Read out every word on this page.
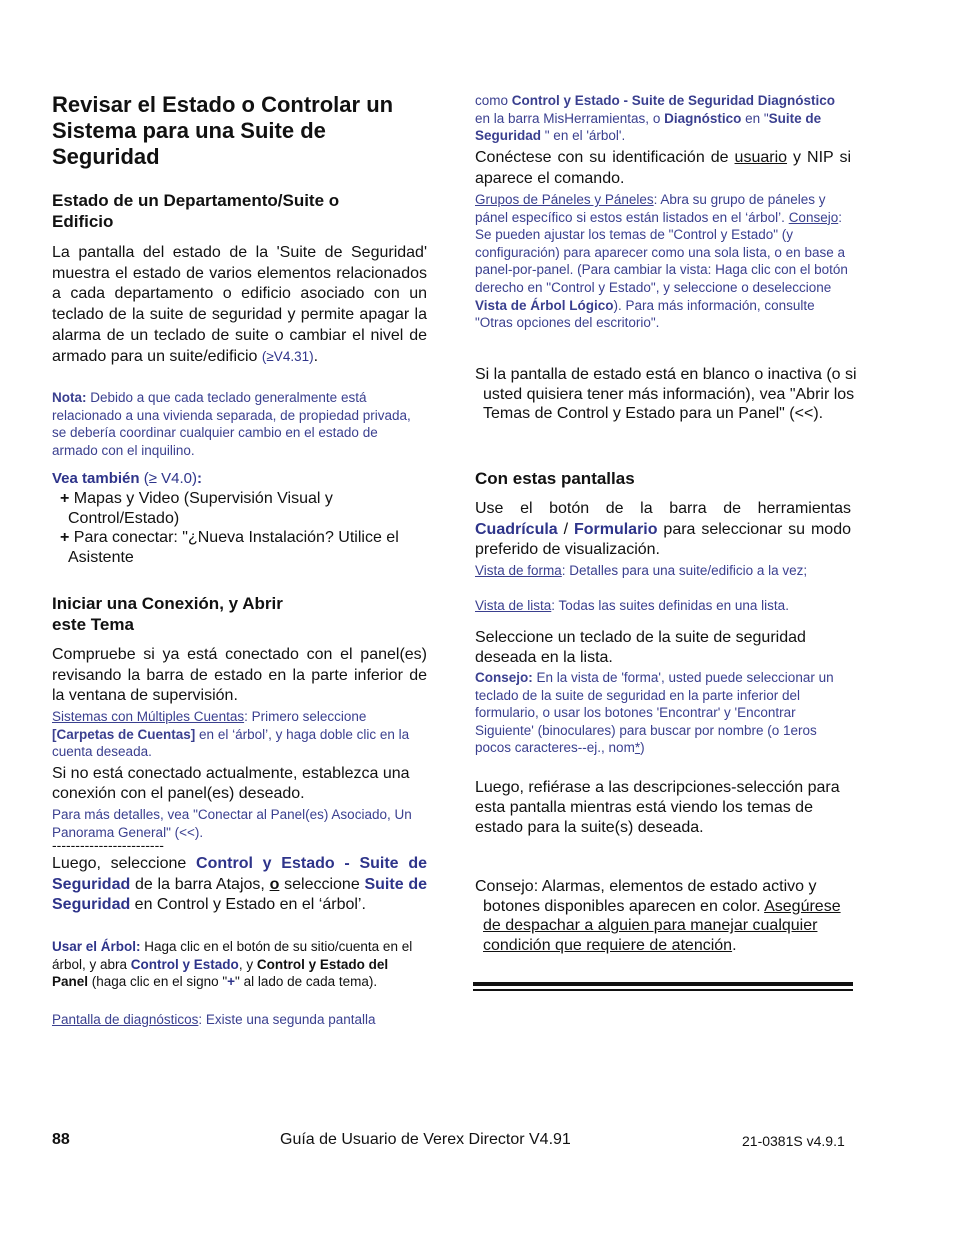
Revisar el Estado o Controlar un Sistema para una Suite de Seguridad
Estado de un Departamento/Suite o Edificio

La pantalla del estado de la 'Suite de Seguridad' muestra el estado de varios elementos relacionados a cada departamento o edificio asociado con un teclado de la suite de seguridad y permite apagar la alarma de un teclado de suite o cambiar el nivel de armado para un suite/edificio (≥V4.31).

Nota: Debido a que cada teclado generalmente está relacionado a una vivienda separada, de propiedad privada, se debería coordinar cualquier cambio en el estado de armado con el inquilino.

Vea también (≥ V4.0):

+ Mapas y Video (Supervisión Visual y Control/Estado)

+ Para conectar: "¿Nueva Instalación? Utilice el Asistente

Iniciar una Conexión, y Abrir
este Tema

Compruebe si ya está conectado con el panel(es) revisando la barra de estado en la parte inferior de la ventana de supervisión.

Sistemas con Múltiples Cuentas: Primero seleccione [Carpetas de Cuentas] en el ‘árbol’, y haga doble clic en la cuenta deseada.

Si no está conectado actualmente, establezca una conexión con el panel(es) deseado.

Para más detalles, vea "Conectar al Panel(es) Asociado, Un Panorama General" (<<).

------------------------

Luego, seleccione Control y Estado - Suite de Seguridad de la barra Atajos, o seleccione Suite de Seguridad en Control y Estado en el ‘árbol’.

Usar el Árbol: Haga clic en el botón de su sitio/cuenta en el árbol, y abra Control y Estado, y Control y Estado del Panel (haga clic en el signo "+" al lado de cada tema).

Pantalla de diagnósticos: Existe una segunda pantalla

como Control y Estado - Suite de Seguridad Diagnóstico en la barra MisHerramientas, o Diagnóstico en "Suite de Seguridad " en el 'árbol'.

Conéctese con su identificación de usuario y NIP si aparece el comando.

Grupos de Páneles y Páneles: Abra su grupo de páneles y pánel específico si estos están listados en el ‘árbol’. Consejo: Se pueden ajustar los temas de "Control y Estado" (y configuración) para aparecer como una sola lista, o en base a panel-por-panel. (Para cambiar la vista: Haga clic con el botón derecho en "Control y Estado", y seleccione o deseleccione Vista de Árbol Lógico). Para más información, consulte "Otras opciones del escritorio".

Si la pantalla de estado está en blanco o inactiva (o si usted quisiera tener más información), vea "Abrir los Temas de Control y Estado para un Panel" (<<).

Con estas pantallas

Use el botón de la barra de herramientas Cuadrícula / Formulario para seleccionar su modo preferido de visualización.

Vista de forma: Detalles para una suite/edificio a la vez;

Vista de lista: Todas las suites definidas en una lista.

Seleccione un teclado de la suite de seguridad deseada en la lista.

Consejo: En la vista de 'forma', usted puede seleccionar un teclado de la suite de seguridad en la parte inferior del formulario, o usar los botones 'Encontrar' y 'Encontrar Siguiente' (binoculares) para buscar por nombre (o 1eros pocos caracteres--ej., nom*)

Luego, refiérase a las descripciones-selección para esta pantalla mientras está viendo los temas de estado para la suite(s) deseada.

Consejo: Alarmas, elementos de estado activo y botones disponibles aparecen en color. Asegúrese de despachar a alguien para manejar cualquier condición que requiere de atención.

88	Guía de Usuario de Verex Director V4.91	21-0381S v4.9.1
